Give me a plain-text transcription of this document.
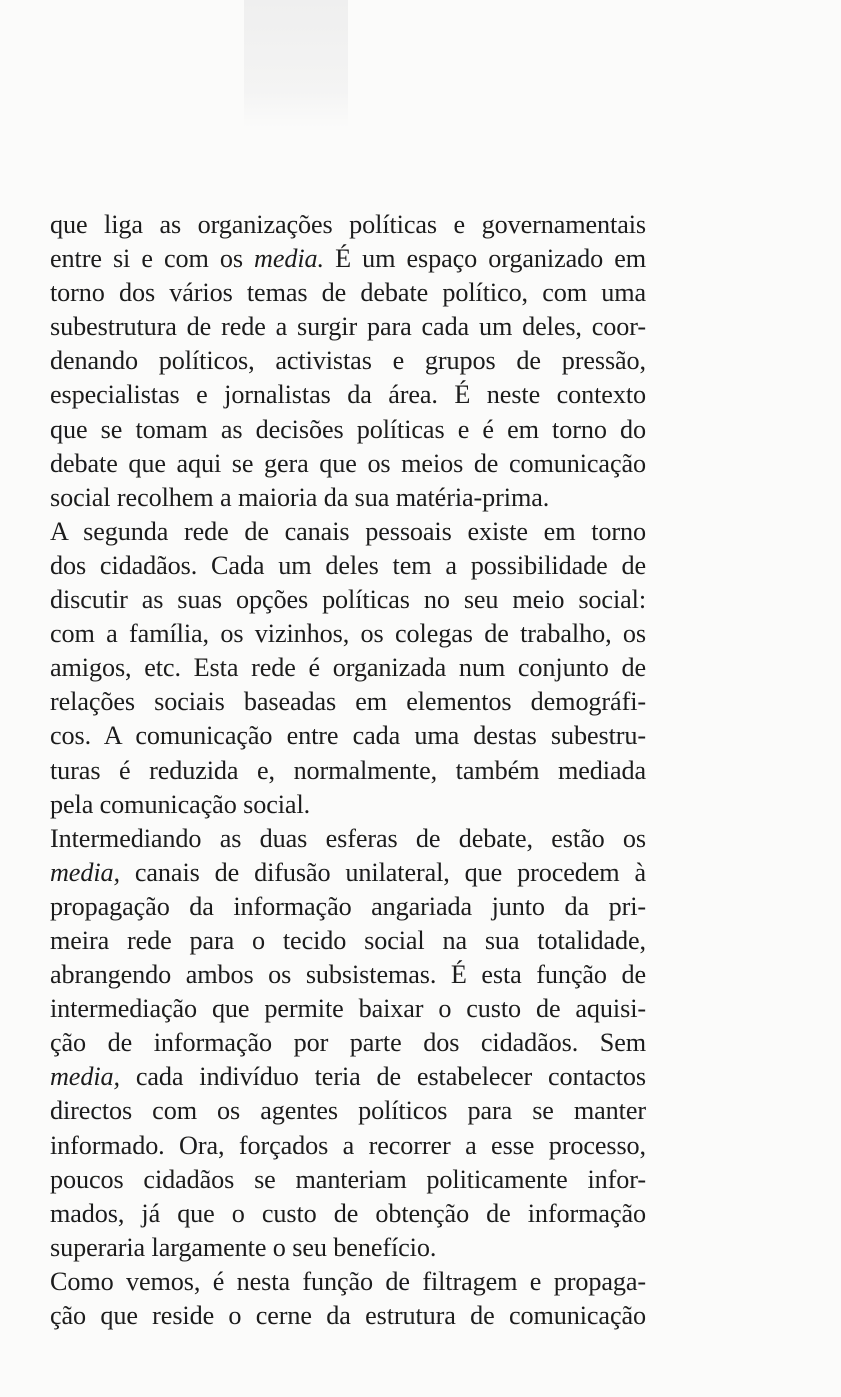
que liga as organizações políticas e governamentais
entre si e com os media. É um espaço organizado em
torno dos vários temas de debate político, com uma
subestrutura de rede a surgir para cada um deles, coor-
denando políticos, activistas e grupos de pressão,
especialistas e jornalistas da área. É neste contexto
que se tomam as decisões políticas e é em torno do
debate que aqui se gera que os meios de comunicação
social recolhem a maioria da sua matéria-prima.
A segunda rede de canais pessoais existe em torno
dos cidadãos. Cada um deles tem a possibilidade de
discutir as suas opções políticas no seu meio social:
com a família, os vizinhos, os colegas de trabalho, os
amigos, etc. Esta rede é organizada num conjunto de
relações sociais baseadas em elementos demográfi-
cos. A comunicação entre cada uma destas subestru-
turas é reduzida e, normalmente, também mediada
pela comunicação social.
Intermediando as duas esferas de debate, estão os
media, canais de difusão unilateral, que procedem à
propagação da informação angariada junto da pri-
meira rede para o tecido social na sua totalidade,
abrangendo ambos os subsistemas. É esta função de
intermediação que permite baixar o custo de aquisi-
ção de informação por parte dos cidadãos. Sem
media, cada indivíduo teria de estabelecer contactos
directos com os agentes políticos para se manter
informado. Ora, forçados a recorrer a esse processo,
poucos cidadãos se manteriam politicamente infor-
mados, já que o custo de obtenção de informação
superaria largamente o seu benefício.
Como vemos, é nesta função de filtragem e propaga-
ção que reside o cerne da estrutura de comunicação
